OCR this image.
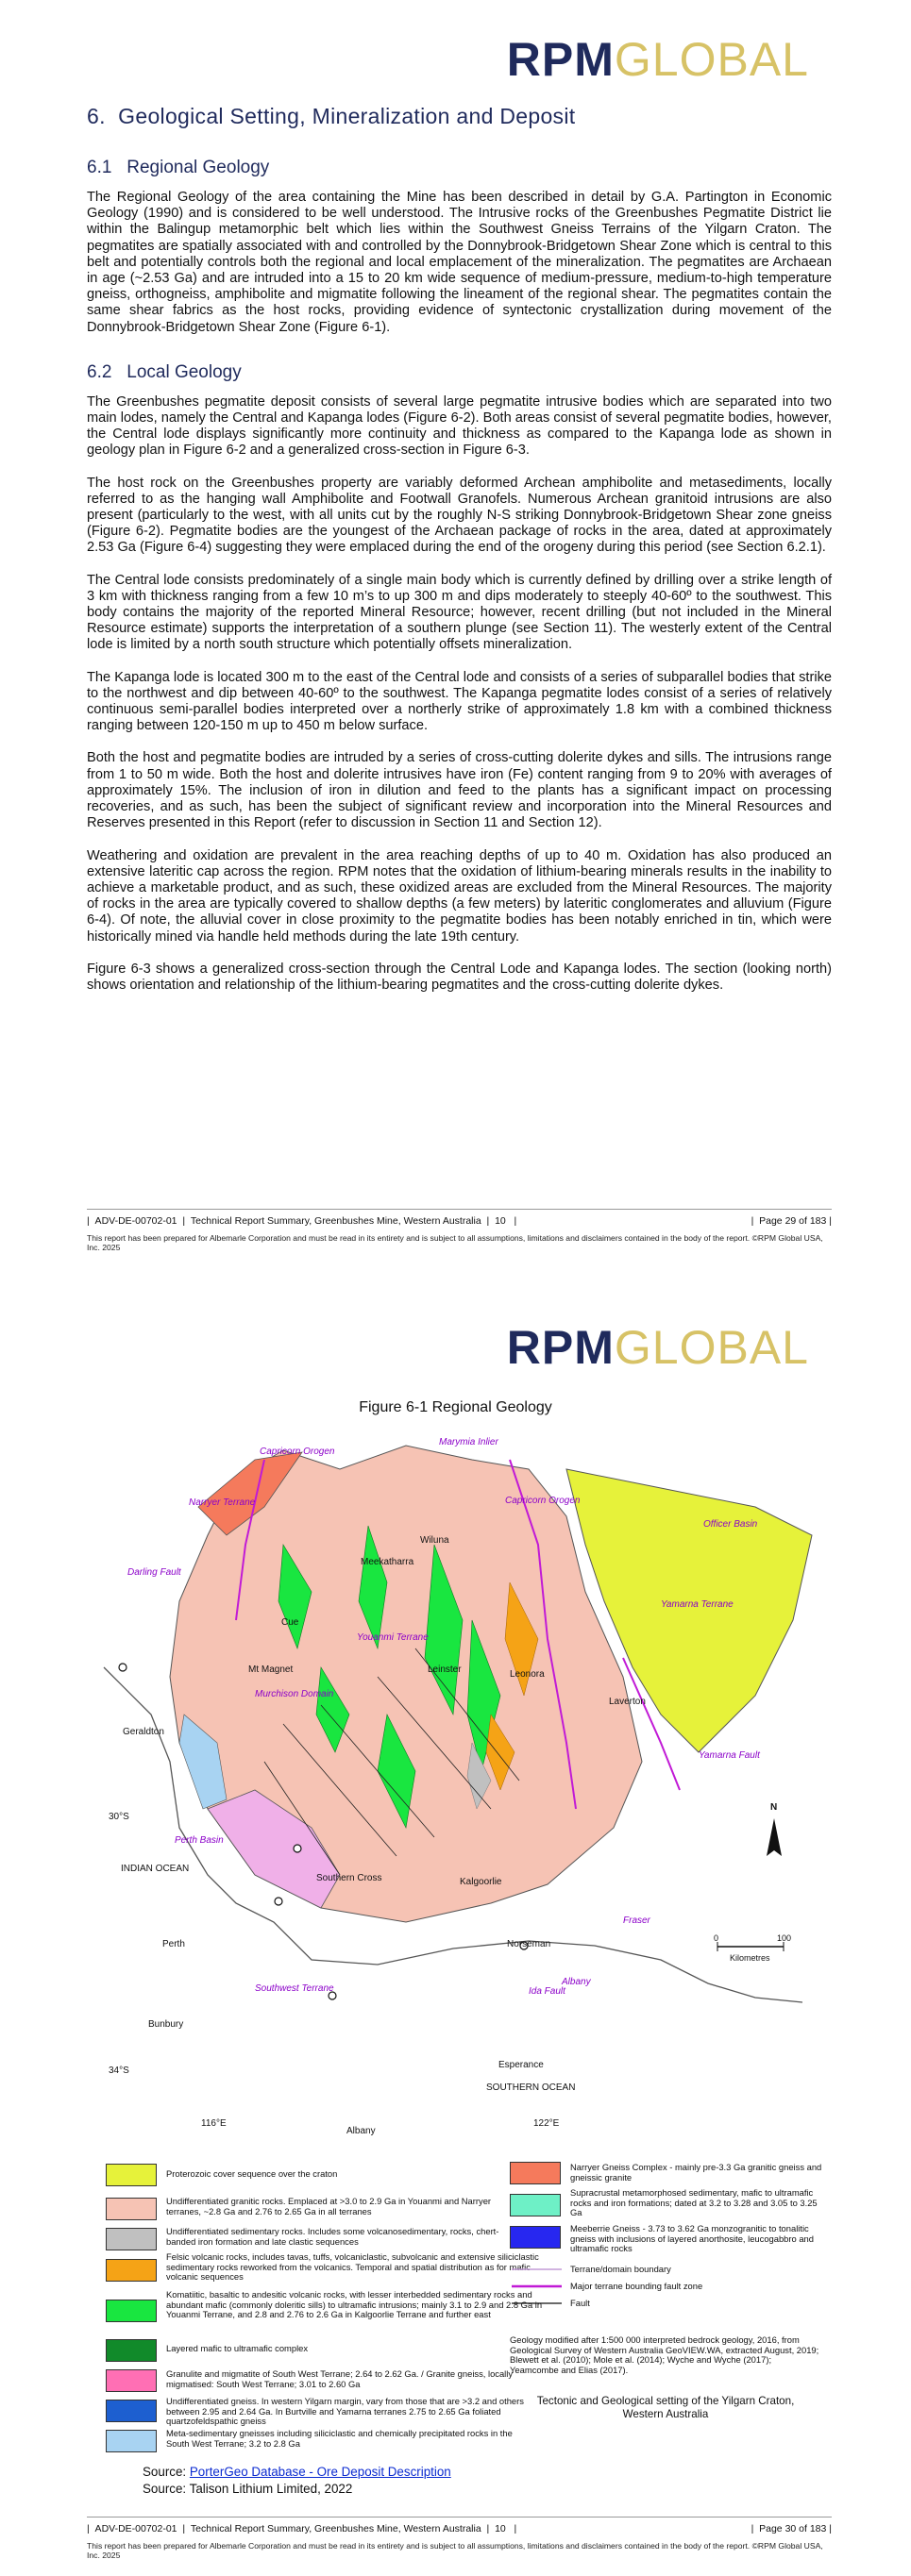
RPMGLOBAL
6.  Geological Setting, Mineralization and Deposit
6.1   Regional Geology

The Regional Geology of the area containing the Mine has been described in detail by G.A. Partington in Economic Geology (1990) and is considered to be well understood. The Intrusive rocks of the Greenbushes Pegmatite District lie within the Balingup metamorphic belt which lies within the Southwest Gneiss Terrains of the Yilgarn Craton. The pegmatites are spatially associated with and controlled by the Donnybrook-Bridgetown Shear Zone which is central to this belt and potentially controls both the regional and local emplacement of the mineralization. The pegmatites are Archaean in age (~2.53 Ga) and are intruded into a 15 to 20 km wide sequence of medium-pressure, medium-to-high temperature gneiss, orthogneiss, amphibolite and migmatite following the lineament of the regional shear. The pegmatites contain the same shear fabrics as the host rocks, providing evidence of syntectonic crystallization during movement of the Donnybrook-Bridgetown Shear Zone (Figure 6-1).

6.2   Local Geology

The Greenbushes pegmatite deposit consists of several large pegmatite intrusive bodies which are separated into two main lodes, namely the Central and Kapanga lodes (Figure 6-2). Both areas consist of several pegmatite bodies, however, the Central lode displays significantly more continuity and thickness as compared to the Kapanga lode as shown in geology plan in Figure 6-2 and a generalized cross-section in Figure 6-3.

The host rock on the Greenbushes property are variably deformed Archean amphibolite and metasediments, locally referred to as the hanging wall Amphibolite and Footwall Granofels. Numerous Archean granitoid intrusions are also present (particularly to the west, with all units cut by the roughly N-S striking Donnybrook-Bridgetown Shear zone gneiss (Figure 6-2). Pegmatite bodies are the youngest of the Archaean package of rocks in the area, dated at approximately 2.53 Ga (Figure 6-4) suggesting they were emplaced during the end of the orogeny during this period (see Section 6.2.1).

The Central lode consists predominately of a single main body which is currently defined by drilling over a strike length of 3 km with thickness ranging from a few 10 m’s to up 300 m and dips moderately to steeply 40-60º to the southwest. This body contains the majority of the reported Mineral Resource; however, recent drilling (but not included in the Mineral Resource estimate) supports the interpretation of a southern plunge (see Section 11). The westerly extent of the Central lode is limited by a north south structure which potentially offsets mineralization.

The Kapanga lode is located 300 m to the east of the Central lode and consists of a series of subparallel bodies that strike to the northwest and dip between 40-60º to the southwest. The Kapanga pegmatite lodes consist of a series of relatively continuous semi-parallel bodies interpreted over a northerly strike of approximately 1.8 km with a combined thickness ranging between 120-150 m up to 450 m below surface.

Both the host and pegmatite bodies are intruded by a series of cross-cutting dolerite dykes and sills. The intrusions range from 1 to 50 m wide. Both the host and dolerite intrusives have iron (Fe) content ranging from 9 to 20% with averages of approximately 15%. The inclusion of iron in dilution and feed to the plants has a significant impact on processing recoveries, and as such, has been the subject of significant review and incorporation into the Mineral Resources and Reserves presented in this Report (refer to discussion in Section 11 and Section 12).

Weathering and oxidation are prevalent in the area reaching depths of up to 40 m. Oxidation has also produced an extensive lateritic cap across the region. RPM notes that the oxidation of lithium-bearing minerals results in the inability to achieve a marketable product, and as such, these oxidized areas are excluded from the Mineral Resources. The majority of rocks in the area are typically covered to shallow depths (a few meters) by lateritic conglomerates and alluvium (Figure 6-4). Of note, the alluvial cover in close proximity to the pegmatite bodies has been notably enriched in tin, which were historically mined via handle held methods during the late 19th century.

Figure 6-3 shows a generalized cross-section through the Central Lode and Kapanga lodes. The section (looking north) shows orientation and relationship of the lithium-bearing pegmatites and the cross-cutting dolerite dykes.

|  ADV-DE-00702-01  |  Technical Report Summary, Greenbushes Mine, Western Australia  |  10   |	|  Page 29 of 183 |
This report has been prepared for Albemarle Corporation and must be read in its entirety and is subject to all assumptions, limitations and disclaimers contained in the body of the report. ©RPM Global USA, Inc. 2025
RPMGLOBAL
Figure 6-1 Regional Geology
Capricorn Orogen
Marymia Inlier
Capricorn Orogen
Narryer Terrane
Darling Fault
Wiluna
Meekatharra
Cue
Youanmi Terrane
Mt Magnet	Leinster	Leonora
Laverton
Murchison Domain
Geraldton
30°S
Perth Basin
INDIAN OCEAN
Southern Cross	Kalgoorlie
Norseman
Perth
Southwest Terrane
Bunbury
34°S
Esperance
SOUTHERN OCEAN
Albany
Albany
Fraser
Ida Fault
Yamarna Terrane
Yamarna Fault
Officer Basin
116°E	122°E
N
0	100
Kilometres
Proterozoic cover sequence over the craton
Undifferentiated granitic rocks. Emplaced at >3.0 to 2.9 Ga in Youanmi and Narryer terranes, ~2.8 Ga and 2.76 to 2.65 Ga in all terranes
Undifferentiated sedimentary rocks. Includes some volcanosedimentary, rocks, chert-banded iron formation and late clastic sequences
Felsic volcanic rocks, includes tavas, tuffs, volcaniclastic, subvolcanic and extensive siliciclastic sedimentary rocks reworked from the volcanics. Temporal and spatial distribution as for mafic volcanic sequences
Komatiitic, basaltic to andesitic volcanic rocks, with lesser interbedded sedimentary rocks and abundant mafic (commonly doleritic sills) to ultramafic intrusions; mainly 3.1 to 2.9 and 2.8 Ga in Youanmi Terrane, and 2.8 and 2.76 to 2.6 Ga in Kalgoorlie Terrane and further east
Layered mafic to ultramafic complex
Granulite and migmatite of South West Terrane; 2.64 to 2.62 Ga. / Granite gneiss, locally migmatised: South West Terrane; 3.01 to 2.60 Ga
Undifferentiated gneiss. In western Yilgarn margin, vary from those that are >3.2 and others between 2.95 and 2.64 Ga. In Burtville and Yamarna terranes 2.75 to 2.65 Ga foliated quartzofeldspathic gneiss
Meta-sedimentary gneisses including siliciclastic and chemically precipitated rocks in the South West Terrane; 3.2 to 2.8 Ga
Narryer Gneiss Complex - mainly pre-3.3 Ga granitic gneiss and gneissic granite
Supracrustal metamorphosed sedimentary, mafic to ultramafic rocks and iron formations; dated at 3.2 to 3.28 and 3.05 to 3.25 Ga
Meeberrie Gneiss - 3.73 to 3.62 Ga monzogranitic to tonalitic gneiss with inclusions of layered anorthosite, leucogabbro and ultramafic rocks
Terrane/domain boundary
Major terrane bounding fault zone
Fault
Geology modified after 1:500 000 interpreted bedrock geology, 2016, from Geological Survey of Western Australia GeoVIEW.WA, extracted August, 2019; Blewett et al. (2010); Mole et al. (2014); Wyche and Wyche (2017); Yeamcombe and Elias (2017).
Tectonic and Geological setting of the Yilgarn Craton, Western Australia
Source: PorterGeo Database - Ore Deposit Description
Source: Talison Lithium Limited, 2022
|  ADV-DE-00702-01  |  Technical Report Summary, Greenbushes Mine, Western Australia  |  10   |	|  Page 30 of 183 |
This report has been prepared for Albemarle Corporation and must be read in its entirety and is subject to all assumptions, limitations and disclaimers contained in the body of the report. ©RPM Global USA, Inc. 2025
